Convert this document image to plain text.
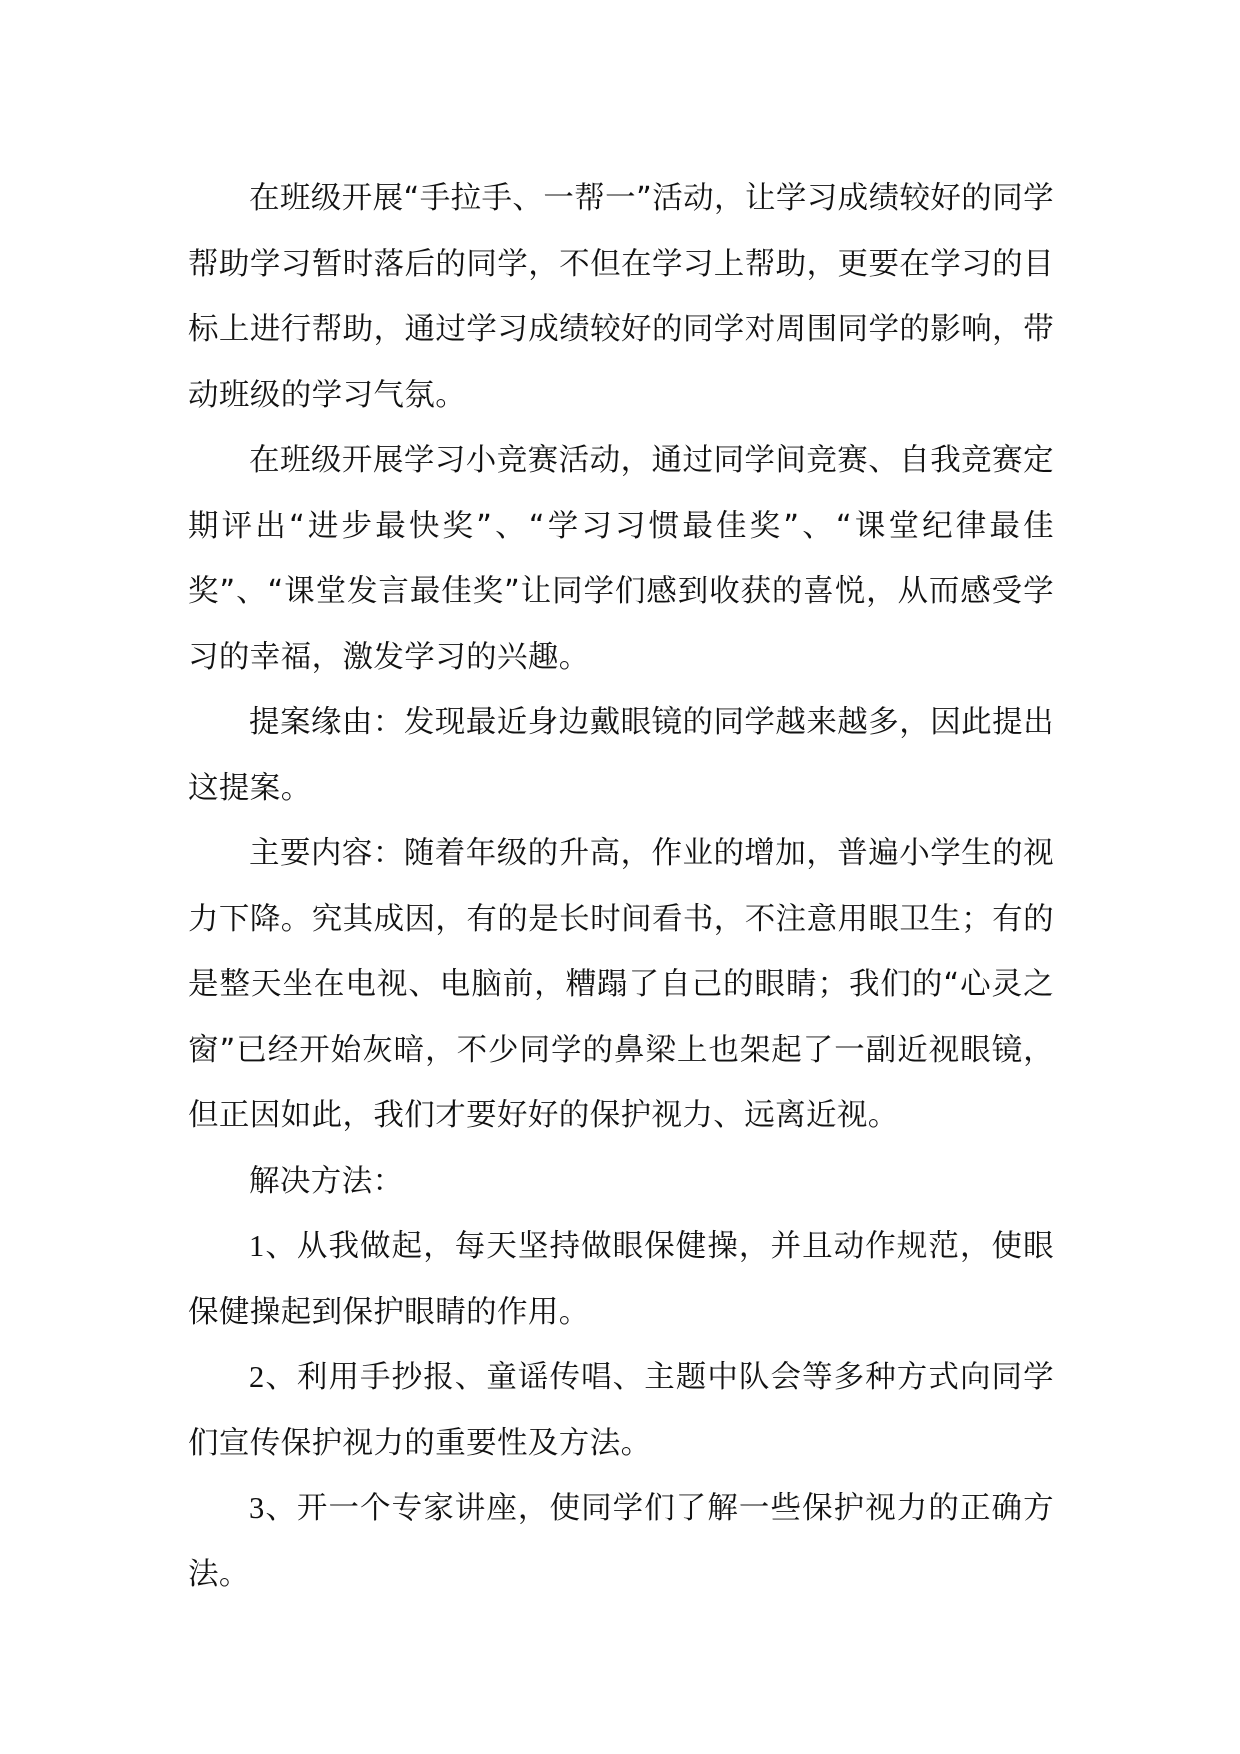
在班级开展“手拉手、一帮一”活动，让学习成绩较好的同学帮助学习暂时落后的同学，不但在学习上帮助，更要在学习的目标上进行帮助，通过学习成绩较好的同学对周围同学的影响，带动班级的学习气氛。

在班级开展学习小竞赛活动，通过同学间竞赛、自我竞赛定期评出“进步最快奖”、“学习习惯最佳奖”、“课堂纪律最佳奖”、“课堂发言最佳奖”让同学们感到收获的喜悦，从而感受学习的幸福，激发学习的兴趣。

提案缘由：发现最近身边戴眼镜的同学越来越多，因此提出这提案。

主要内容：随着年级的升高，作业的增加，普遍小学生的视力下降。究其成因，有的是长时间看书，不注意用眼卫生；有的是整天坐在电视、电脑前，糟蹋了自己的眼睛；我们的“心灵之窗”已经开始灰暗，不少同学的鼻梁上也架起了一副近视眼镜，但正因如此，我们才要好好的保护视力、远离近视。

解决方法：

1、从我做起，每天坚持做眼保健操，并且动作规范，使眼保健操起到保护眼睛的作用。

2、利用手抄报、童谣传唱、主题中队会等多种方式向同学们宣传保护视力的重要性及方法。

3、开一个专家讲座，使同学们了解一些保护视力的正确方法。
